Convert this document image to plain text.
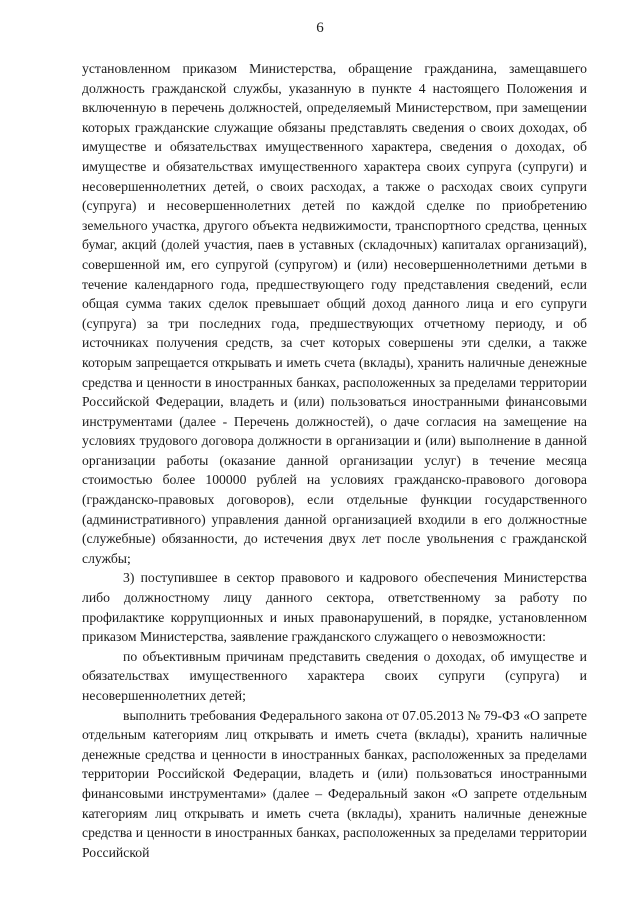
6

установленном приказом Министерства, обращение гражданина, замещавшего должность гражданской службы, указанную в пункте 4 настоящего Положения и включенную в перечень должностей, определяемый Министерством, при замещении которых гражданские служащие обязаны представлять сведения о своих доходах, об имуществе и обязательствах имущественного характера, сведения о доходах, об имуществе и обязательствах имущественного характера своих супруга (супруги) и несовершеннолетних детей, о своих расходах, а также о расходах своих супруги (супруга) и несовершеннолетних детей по каждой сделке по приобретению земельного участка, другого объекта недвижимости, транспортного средства, ценных бумаг, акций (долей участия, паев в уставных (складочных) капиталах организаций), совершенной им, его супругой (супругом) и (или) несовершеннолетними детьми в течение календарного года, предшествующего году представления сведений, если общая сумма таких сделок превышает общий доход данного лица и его супруги (супруга) за три последних года, предшествующих отчетному периоду, и об источниках получения средств, за счет которых совершены эти сделки, а также которым запрещается открывать и иметь счета (вклады), хранить наличные денежные средства и ценности в иностранных банках, расположенных за пределами территории Российской Федерации, владеть и (или) пользоваться иностранными финансовыми инструментами (далее - Перечень должностей), о даче согласия на замещение на условиях трудового договора должности в организации и (или) выполнение в данной организации работы (оказание данной организации услуг) в течение месяца стоимостью более 100000 рублей на условиях гражданско-правового договора (гражданско-правовых договоров), если отдельные функции государственного (административного) управления данной организацией входили в его должностные (служебные) обязанности, до истечения двух лет после увольнения с гражданской службы;

3) поступившее в сектор правового и кадрового обеспечения Министерства либо должностному лицу данного сектора, ответственному за работу по профилактике коррупционных и иных правонарушений, в порядке, установленном приказом Министерства, заявление гражданского служащего о невозможности:

по объективным причинам представить сведения о доходах, об имуществе и обязательствах имущественного характера своих супруги (супруга) и несовершеннолетних детей;

выполнить требования Федерального закона от 07.05.2013 № 79-ФЗ «О запрете отдельным категориям лиц открывать и иметь счета (вклады), хранить наличные денежные средства и ценности в иностранных банках, расположенных за пределами территории Российской Федерации, владеть и (или) пользоваться иностранными финансовыми инструментами» (далее – Федеральный закон «О запрете отдельным категориям лиц открывать и иметь счета (вклады), хранить наличные денежные средства и ценности в иностранных банках, расположенных за пределами территории Российской
